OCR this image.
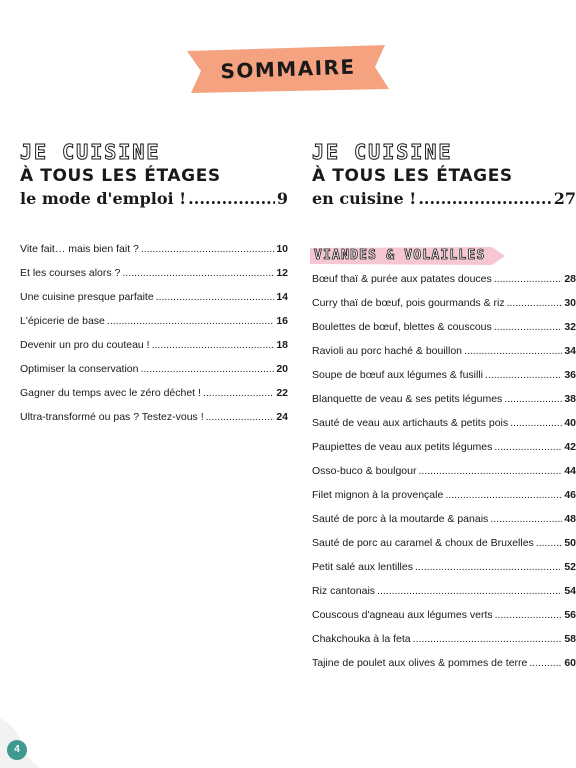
SOMMAIRE
JE CUISINE
À TOUS LES ÉTAGES
le mode d'emploi ! .....	9
Vite fait… mais bien fait ? .....	10
Et les courses alors ? .....	12
Une cuisine presque parfaite .....	14
L'épicerie de base .....	16
Devenir un pro du couteau ! .....	18
Optimiser la conservation .....	20
Gagner du temps avec le zéro déchet ! .....	22
Ultra-transformé ou pas ? Testez-vous ! .....	24
JE CUISINE
À TOUS LES ÉTAGES
en cuisine ! .....	27
VIANDES & VOLAILLES
Bœuf thaï & purée aux patates douces .....	28
Curry thaï de bœuf, pois gourmands & riz .....	30
Boulettes de bœuf, blettes & couscous .....	32
Ravioli au porc haché & bouillon .....	34
Soupe de bœuf aux légumes & fusilli .....	36
Blanquette de veau & ses petits légumes .....	38
Sauté de veau aux artichauts & petits pois .....	40
Paupiettes de veau aux petits légumes .....	42
Osso-buco & boulgour .....	44
Filet mignon à la provençale .....	46
Sauté de porc à la moutarde & panais .....	48
Sauté de porc au caramel & choux de Bruxelles .....	50
Petit salé aux lentilles .....	52
Riz cantonais .....	54
Couscous d'agneau aux légumes verts .....	56
Chakchouka à la feta .....	58
Tajine de poulet aux olives & pommes de terre .....	60
4
